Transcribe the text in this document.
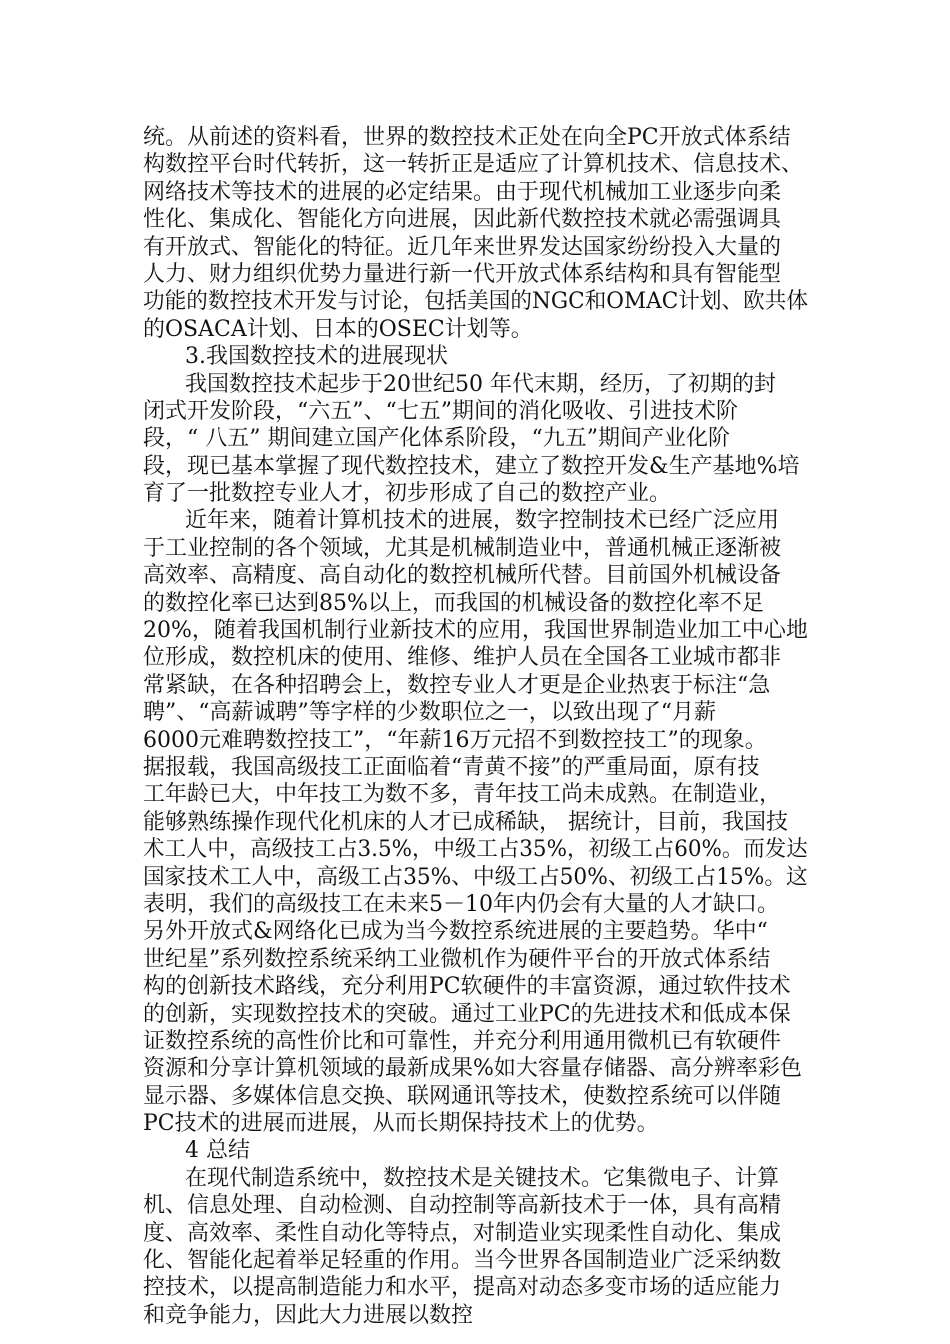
统。从前述的资料看，世界的数控技术正处在向全PC开放式体系结
构数控平台时代转折，这一转折正是适应了计算机技术、信息技术、
网络技术等技术的进展的必定结果。由于现代机械加工业逐步向柔
性化、集成化、智能化方向进展，因此新代数控技术就必需强调具
有开放式、智能化的特征。近几年来世界发达国家纷纷投入大量的
人力、财力组织优势力量进行新一代开放式体系结构和具有智能型
功能的数控技术开发与讨论，包括美国的NGC和OMAC计划、欧共体
的OSACA计划、日本的OSEC计划等。
3.我国数控技术的进展现状
我国数控技术起步于20世纪50 年代末期，经历，了初期的封
闭式开发阶段，“六五”、“七五”期间的消化吸收、引进技术阶
段，“ 八五” 期间建立国产化体系阶段，“九五”期间产业化阶
段，现已基本掌握了现代数控技术，建立了数控开发&生产基地%培
育了一批数控专业人才，初步形成了自己的数控产业。
近年来，随着计算机技术的进展，数字控制技术已经广泛应用
于工业控制的各个领域，尤其是机械制造业中，普通机械正逐渐被
高效率、高精度、高自动化的数控机械所代替。目前国外机械设备
的数控化率已达到85%以上，而我国的机械设备的数控化率不足
20%，随着我国机制行业新技术的应用，我国世界制造业加工中心地
位形成，数控机床的使用、维修、维护人员在全国各工业城市都非
常紧缺，在各种招聘会上，数控专业人才更是企业热衷于标注“急
聘”、“高薪诚聘”等字样的少数职位之一，以致出现了“月薪
6000元难聘数控技工”，“年薪16万元招不到数控技工”的现象。
据报载，我国高级技工正面临着“青黄不接”的严重局面，原有技
工年龄已大，中年技工为数不多，青年技工尚未成熟。在制造业，
能够熟练操作现代化机床的人才已成稀缺， 据统计，目前，我国技
术工人中，高级技工占3.5%，中级工占35%，初级工占60%。而发达
国家技术工人中，高级工占35%、中级工占50%、初级工占15%。这
表明，我们的高级技工在未来5－10年内仍会有大量的人才缺口。
另外开放式&网络化已成为当今数控系统进展的主要趋势。华中“
世纪星”系列数控系统采纳工业微机作为硬件平台的开放式体系结
构的创新技术路线，充分利用PC软硬件的丰富资源，通过软件技术
的创新，实现数控技术的突破。通过工业PC的先进技术和低成本保
证数控系统的高性价比和可靠性，并充分利用通用微机已有软硬件
资源和分享计算机领域的最新成果%如大容量存储器、高分辨率彩色
显示器、多媒体信息交换、联网通讯等技术，使数控系统可以伴随
PC技术的进展而进展，从而长期保持技术上的优势。
4 总结
在现代制造系统中，数控技术是关键技术。它集微电子、计算
机、信息处理、自动检测、自动控制等高新技术于一体，具有高精
度、高效率、柔性自动化等特点，对制造业实现柔性自动化、集成
化、智能化起着举足轻重的作用。当今世界各国制造业广泛采纳数
控技术，以提高制造能力和水平，提高对动态多变市场的适应能力
和竞争能力，因此大力进展以数控
